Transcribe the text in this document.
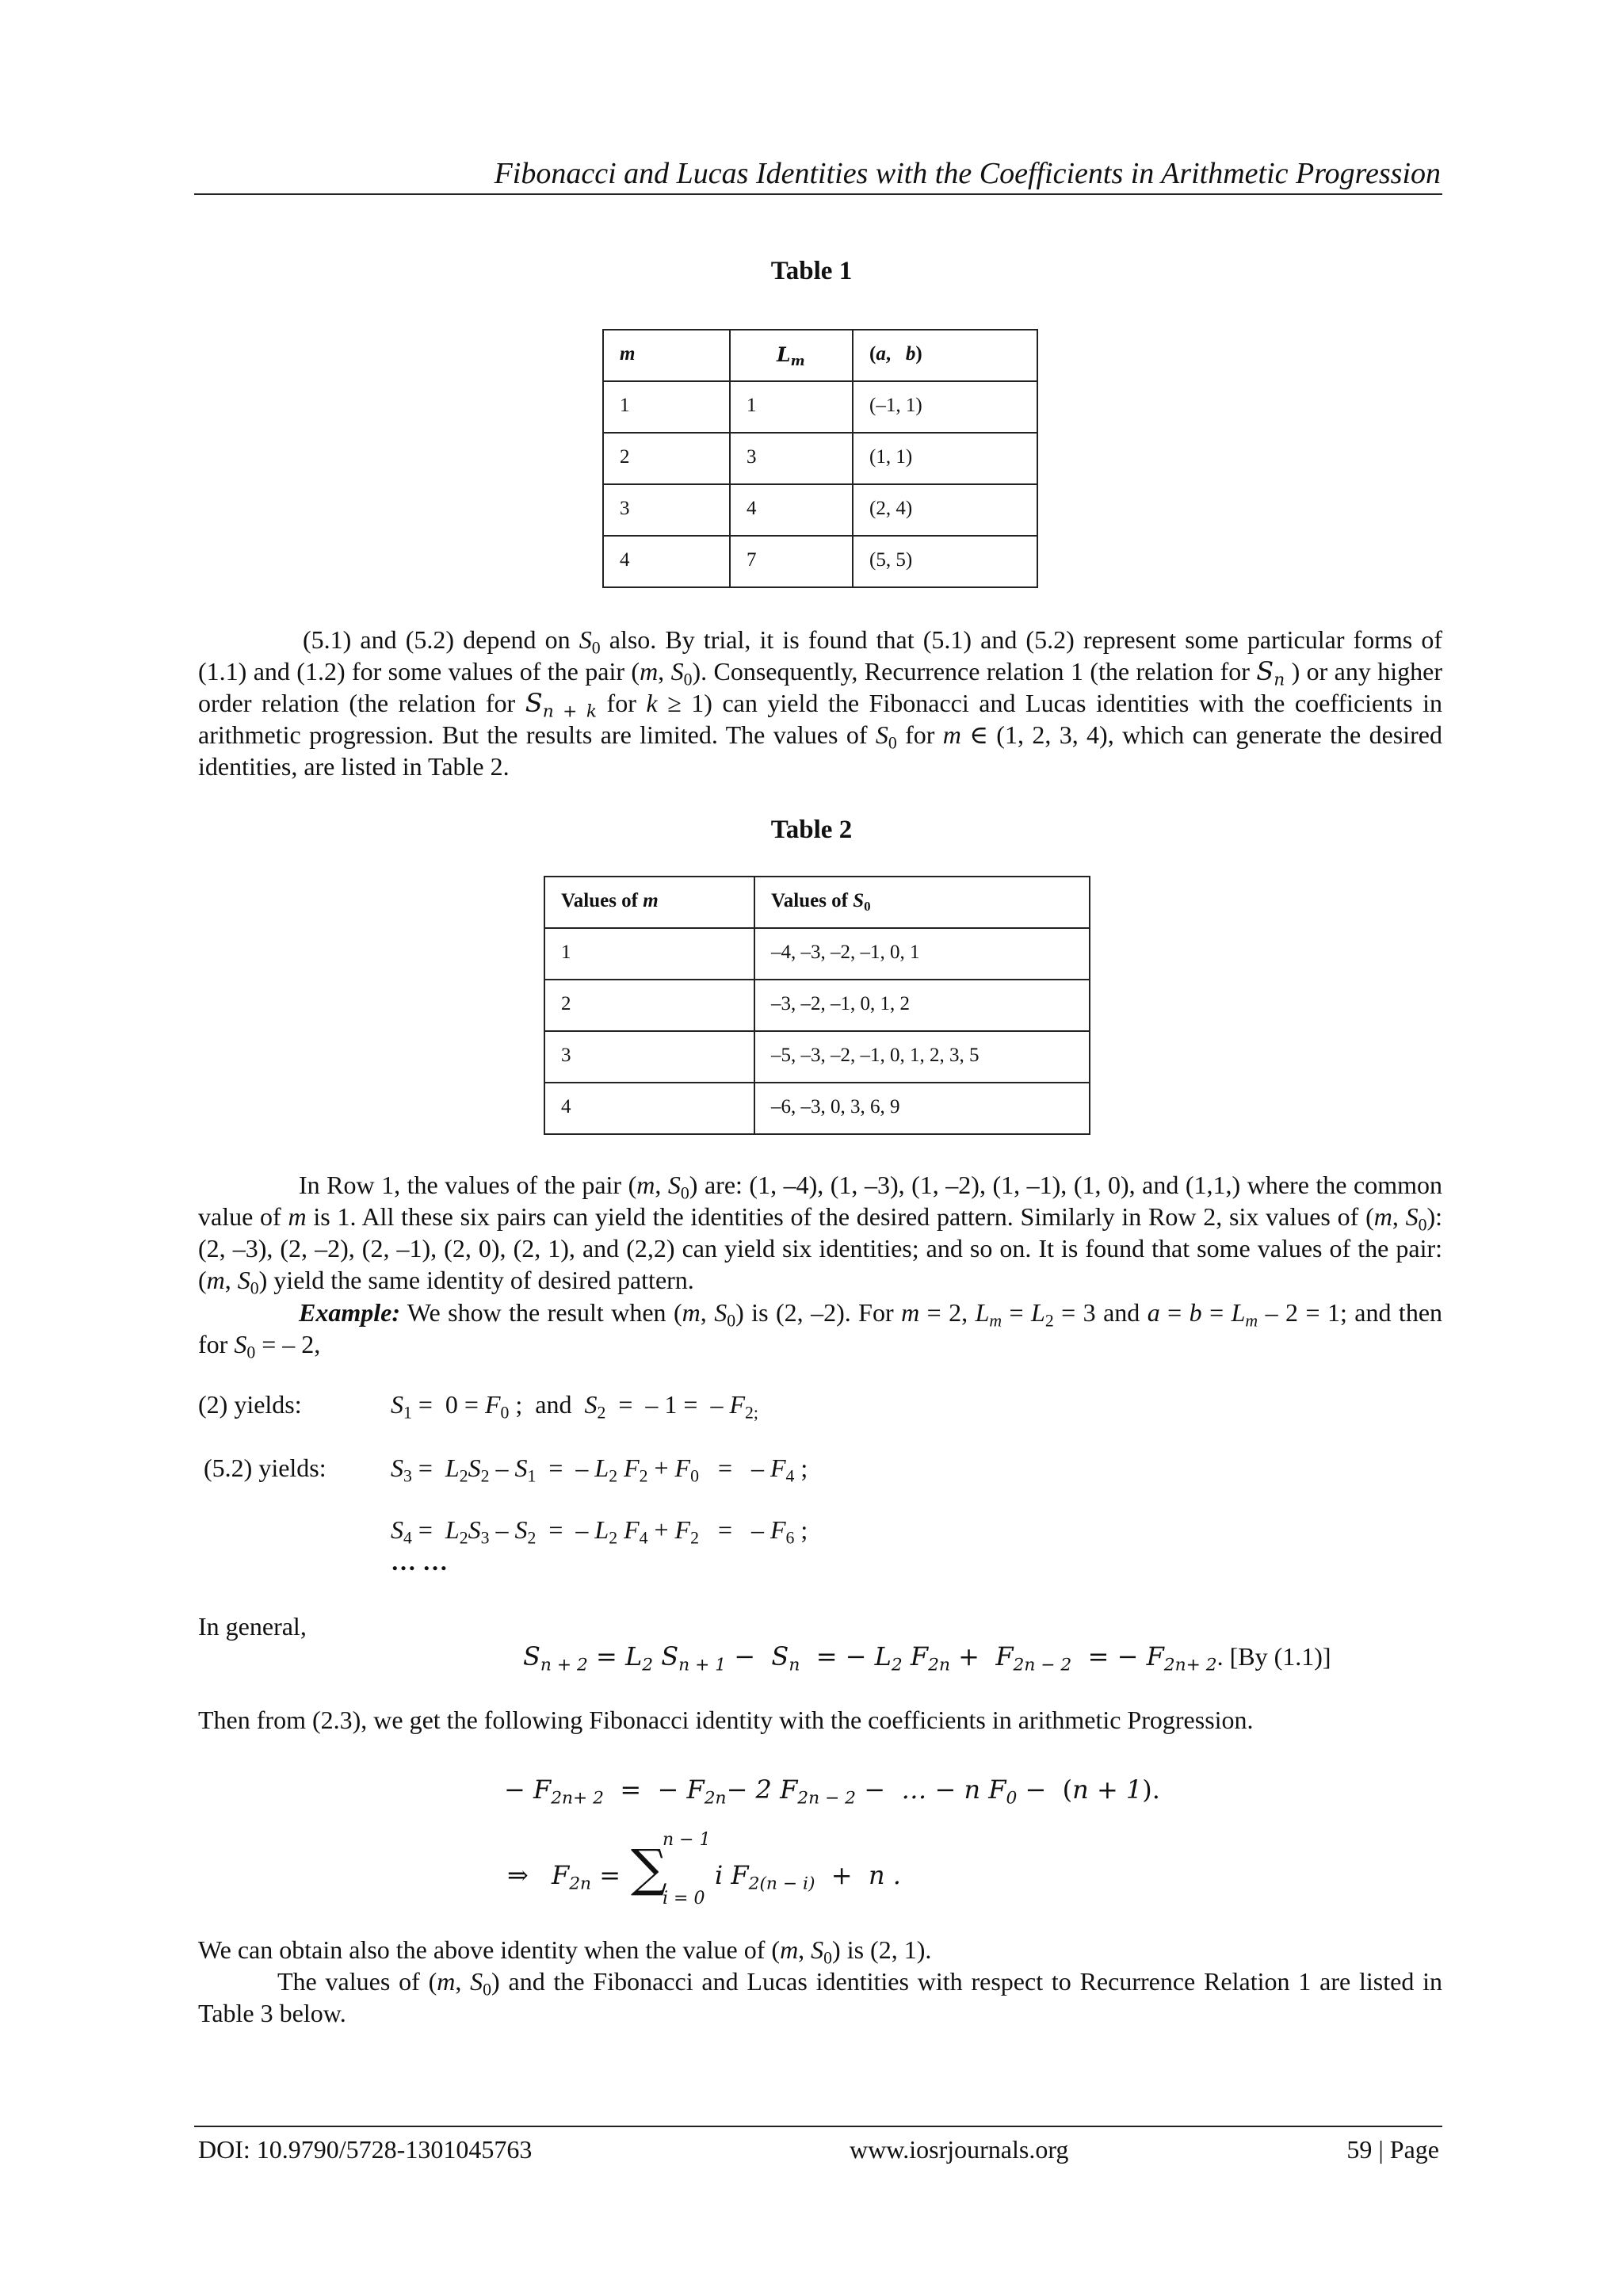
Fibonacci and Lucas Identities with the Coefficients in Arithmetic Progression
Table 1
m	$L_m$	(a,   b)
1	1	(–1, 1)
2	3	(1, 1)
3	4	(2, 4)
4	7	(5, 5)
(5.1) and (5.2) depend on $S_0$ also. By trial, it is found that (5.1) and (5.2) represent some particular forms of (1.1) and (1.2) for some values of the pair (m, $S_0$). Consequently, Recurrence relation 1 (the relation for $S_n$ ) or any higher order relation (the relation for $S_{n + k}$ for k ≥ 1) can yield the Fibonacci and Lucas identities with the coefficients in arithmetic progression. But the results are limited. The values of $S_0$ for m ∈ (1, 2, 3, 4), which can generate the desired identities, are listed in Table 2.
Table 2
Values of m	Values of $S_0$
1	–4, –3, –2, –1, 0, 1
2	–3, –2, –1, 0, 1, 2
3	–5, –3, –2, –1, 0, 1, 2, 3, 5
4	–6, –3, 0, 3, 6, 9
In Row 1, the values of the pair (m, $S_0$) are: (1, –4), (1, –3), (1, –2), (1, –1), (1, 0), and (1,1,) where the common value of m is 1. All these six pairs can yield the identities of the desired pattern. Similarly in Row 2, six values of (m, $S_0$): (2, –3), (2, –2), (2, –1), (2, 0), (2, 1), and (2,2) can yield six identities; and so on. It is found that some values of the pair: (m, $S_0$) yield the same identity of desired pattern.
Example: We show the result when (m, $S_0$) is (2, –2). For m = 2, $L_m = L_2 = 3$ and $a = b = L_m - 2 = 1$; and then for $S_0$ = – 2,
(2) yields:	$S_1 = 0 = F_0$ ;  and  $S_2$  =  – 1 =  – $F_{2;}$
(5.2) yields:	$S_3 = L_2S_2 - S_1$  =  – $L_2$ $F_2 + F_0$   =   – $F_4$ ;
$S_4 = L_2S_3 - S_2$  =  – $L_2$ $F_4 + F_2$   =   – $F_6$ ;
… …
In general,
$S_{n + 2} = L_2$ $S_{n + 1} - S_n$  = − $L_2$ $F_{2n} + F_{2n - 2}$  = − $F_{2n+ 2}$. [By (1.1)]
Then from (2.3), we get the following Fibonacci identity with the coefficients in arithmetic Progression.
− $F_{2n+ 2}$  =  − $F_{2n}- 2$ $F_{2n - 2}$ −  … − n $F_0 - (n + 1)$.
⇒ $F_{2n}$ = ∑
n − 1
i = 0
i $F_{2(n - i)} + n$ .
We can obtain also the above identity when the value of (m, $S_0$) is (2, 1).
The values of (m, $S_0$) and the Fibonacci and Lucas identities with respect to Recurrence Relation 1 are listed in Table 3 below.
DOI: 10.9790/5728-1301045763	www.iosrjournals.org	59 | Page
